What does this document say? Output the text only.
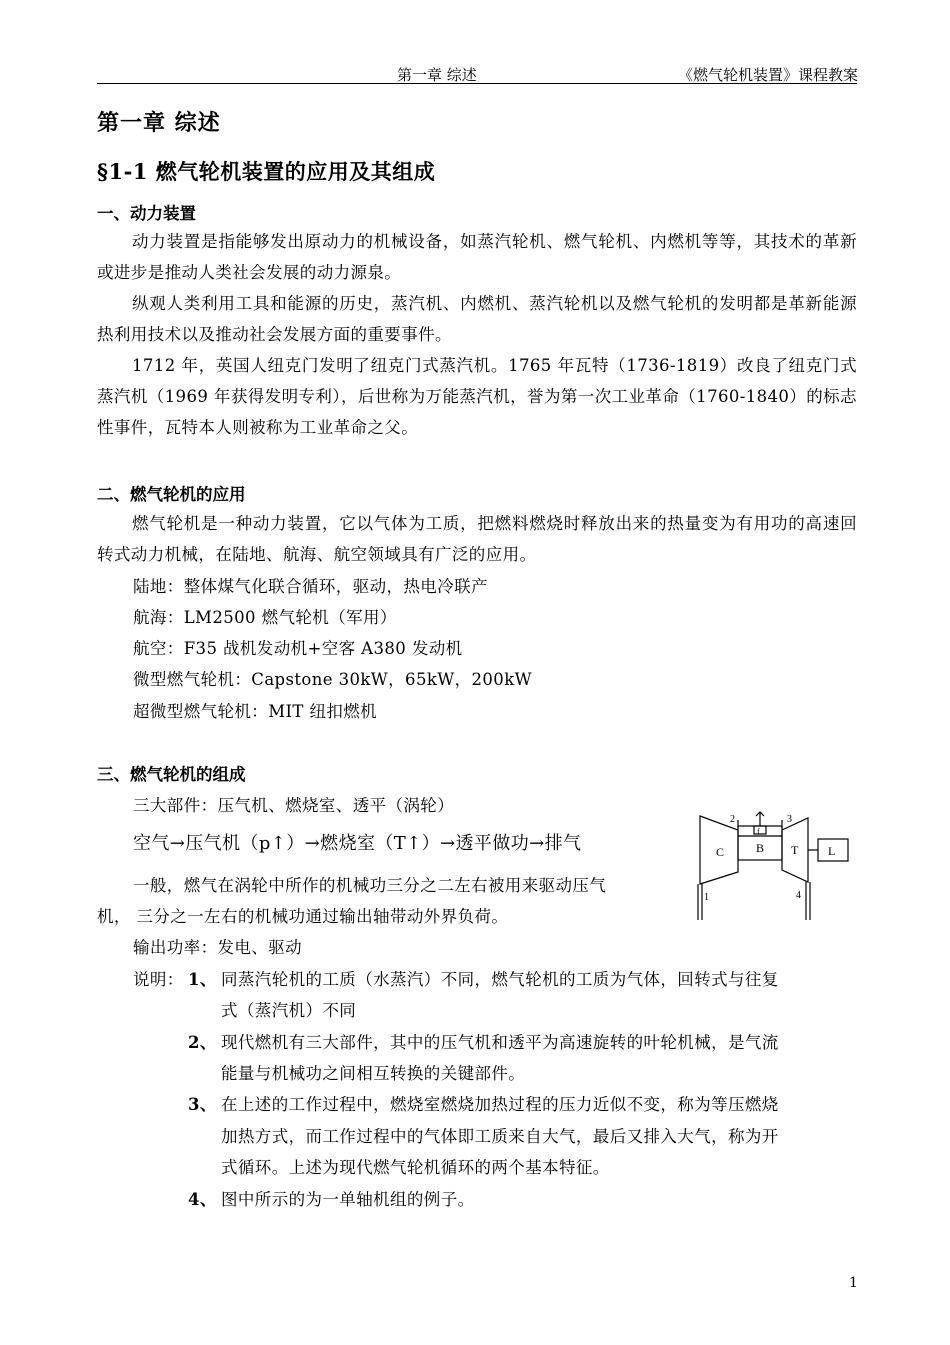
第一章 综述	《燃气轮机装置》课程教案
第一章 综述
§1-1 燃气轮机装置的应用及其组成
一、动力装置
动力装置是指能够发出原动力的机械设备，如蒸汽轮机、燃气轮机、内燃机等等，其技术的革新或进步是推动人类社会发展的动力源泉。
纵观人类利用工具和能源的历史，蒸汽机、内燃机、蒸汽轮机以及燃气轮机的发明都是革新能源热利用技术以及推动社会发展方面的重要事件。
1712 年，英国人纽克门发明了纽克门式蒸汽机。1765 年瓦特（1736-1819）改良了纽克门式蒸汽机（1969 年获得发明专利），后世称为万能蒸汽机，誉为第一次工业革命（1760-1840）的标志性事件，瓦特本人则被称为工业革命之父。
二、燃气轮机的应用
燃气轮机是一种动力装置，它以气体为工质，把燃料燃烧时释放出来的热量变为有用功的高速回转式动力机械，在陆地、航海、航空领域具有广泛的应用。
陆地：整体煤气化联合循环，驱动，热电冷联产
航海：LM2500 燃气轮机（军用）
航空：F35 战机发动机+空客 A380 发动机
微型燃气轮机：Capstone 30kW，65kW，200kW
超微型燃气轮机：MIT 纽扣燃机
三、燃气轮机的组成
三大部件：压气机、燃烧室、透平（涡轮）
空气→压气机（p↑）→燃烧室（T↑）→透平做功→排气
一般，燃气在涡轮中所作的机械功三分之二左右被用来驱动压气
机， 三分之一左右的机械功通过输出轴带动外界负荷。
输出功率：发电、驱动
说明： 1、 同蒸汽轮机的工质（水蒸汽）不同，燃气轮机的工质为气体，回转式与往复
式（蒸汽机）不同
2、 现代燃机有三大部件，其中的压气机和透平为高速旋转的叶轮机械，是气流
能量与机械功之间相互转换的关键部件。
3、 在上述的工作过程中，燃烧室燃烧加热过程的压力近似不变，称为等压燃烧
加热方式，而工作过程中的气体即工质来自大气，最后又排入大气，称为开
式循环。上述为现代燃气轮机循环的两个基本特征。
4、 图中所示的为一单轴机组的例子。
C	B T L
f
1
2	3
4
1
